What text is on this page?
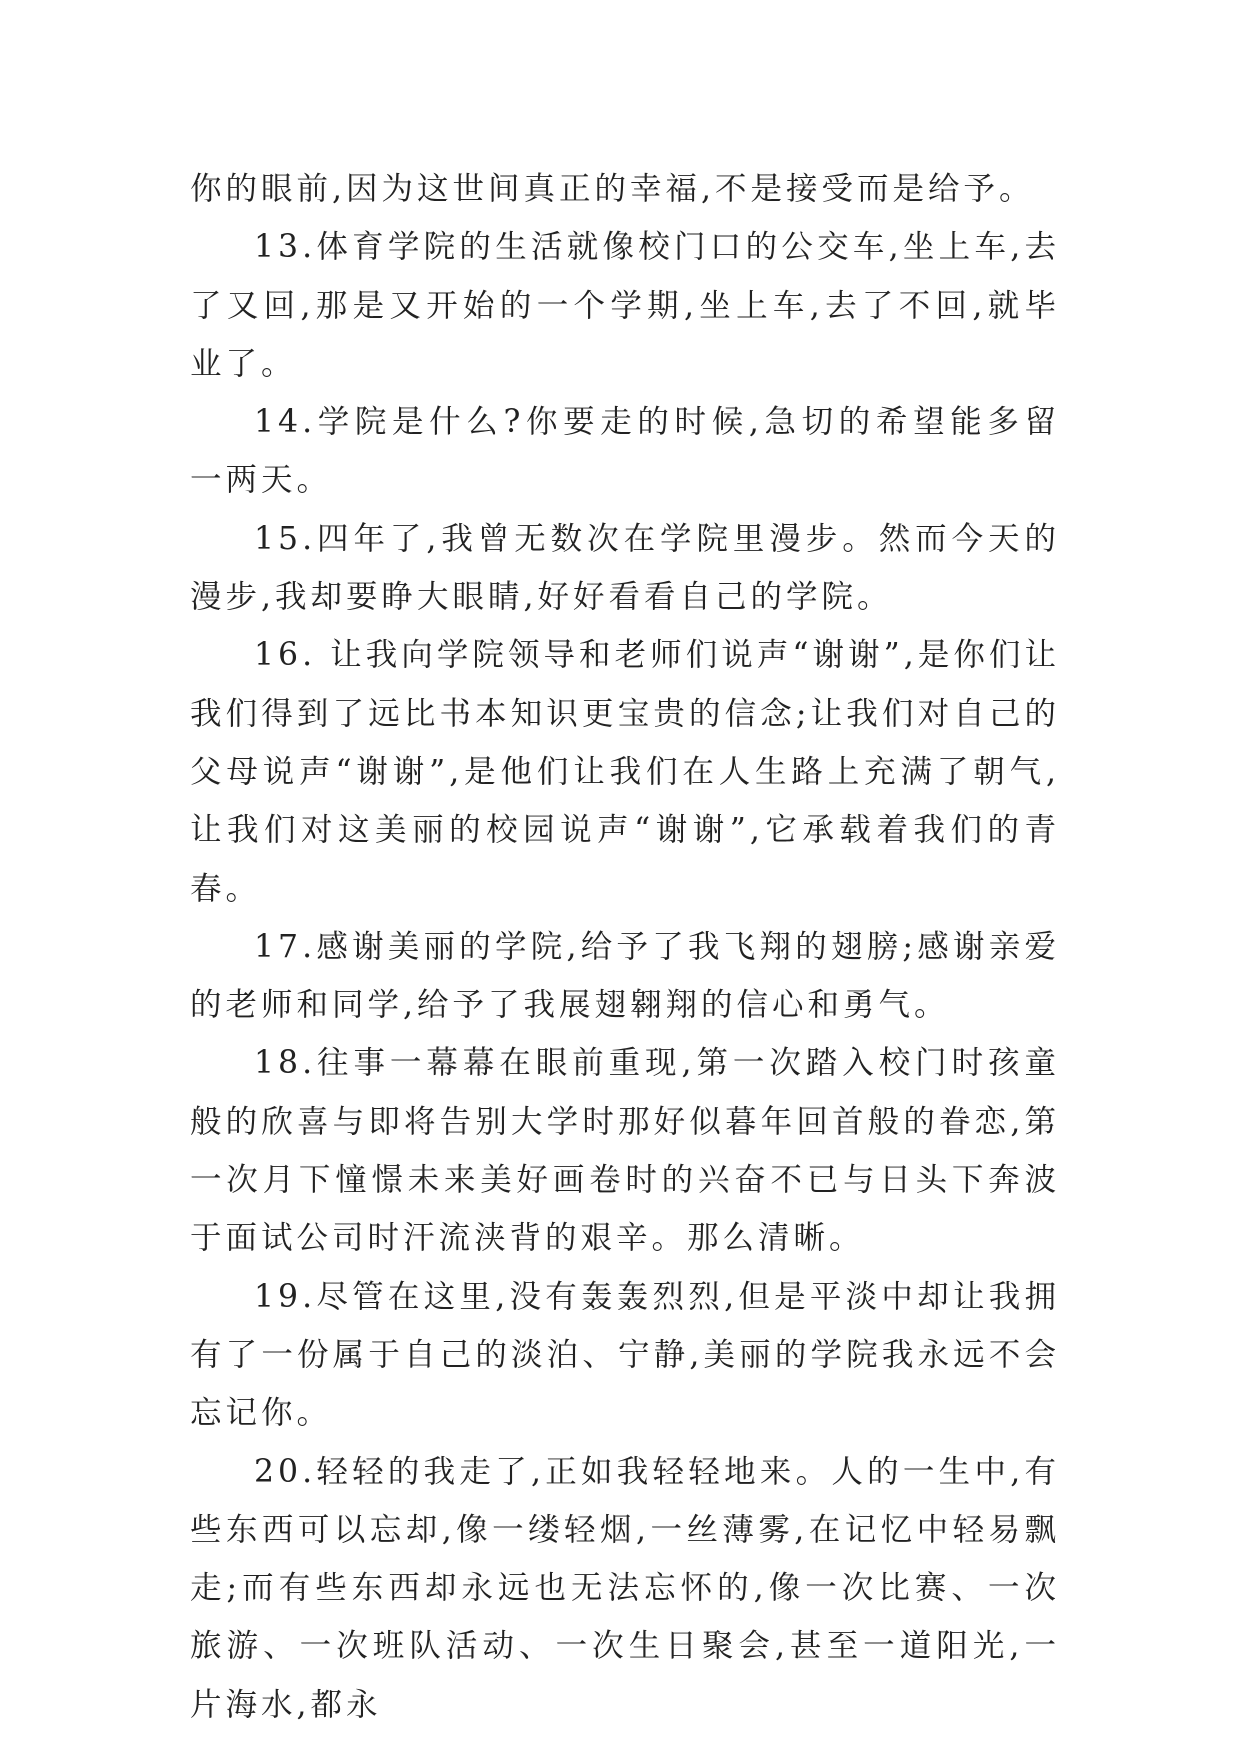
你的眼前,因为这世间真正的幸福,不是接受而是给予。

13.体育学院的生活就像校门口的公交车,坐上车,去了又回,那是又开始的一个学期,坐上车,去了不回,就毕业了。

14.学院是什么?你要走的时候,急切的希望能多留一两天。

15.四年了,我曾无数次在学院里漫步。然而今天的漫步,我却要睁大眼睛,好好看看自己的学院。

16. 让我向学院领导和老师们说声“谢谢”,是你们让我们得到了远比书本知识更宝贵的信念;让我们对自己的父母说声“谢谢”,是他们让我们在人生路上充满了朝气,让我们对这美丽的校园说声“谢谢”,它承载着我们的青春。

17.感谢美丽的学院,给予了我飞翔的翅膀;感谢亲爱的老师和同学,给予了我展翅翱翔的信心和勇气。

18.往事一幕幕在眼前重现,第一次踏入校门时孩童般的欣喜与即将告别大学时那好似暮年回首般的眷恋,第一次月下憧憬未来美好画卷时的兴奋不已与日头下奔波于面试公司时汗流浃背的艰辛。那么清晰。

19.尽管在这里,没有轰轰烈烈,但是平淡中却让我拥有了一份属于自己的淡泊、宁静,美丽的学院我永远不会忘记你。

20.轻轻的我走了,正如我轻轻地来。人的一生中,有些东西可以忘却,像一缕轻烟,一丝薄雾,在记忆中轻易飘走;而有些东西却永远也无法忘怀的,像一次比赛、一次旅游、一次班队活动、一次生日聚会,甚至一道阳光,一片海水,都永
